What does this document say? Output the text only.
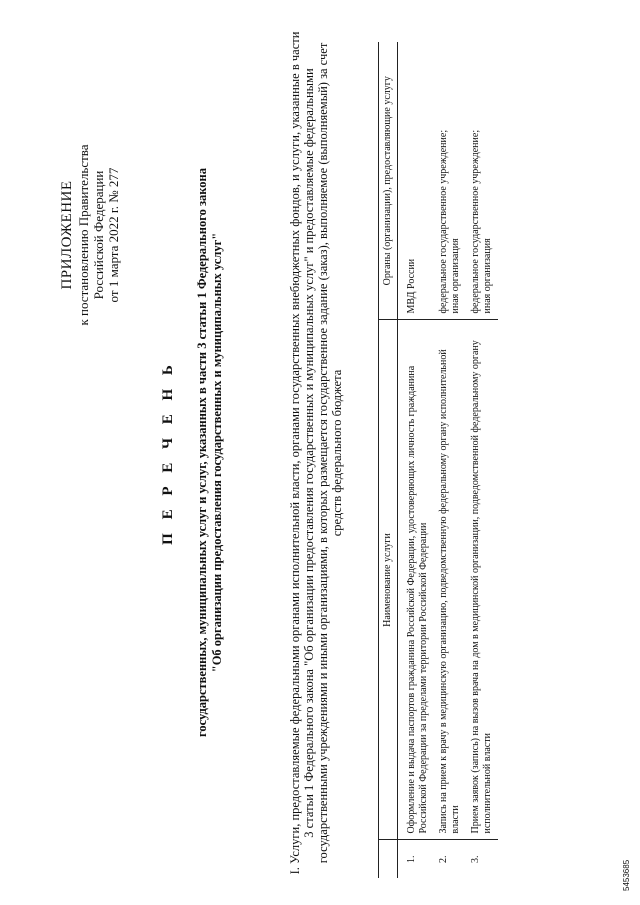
ПРИЛОЖЕНИЕ к постановлению Правительства Российской Федерации от 1 марта 2022 г. № 277
П Е Р Е Ч Е Н Ь государственных, муниципальных услуг и услуг, указанных в части 3 статьи 1 Федерального закона "Об организации предоставления государственных и муниципальных услуг"	I. Услуги, предоставляемые федеральными органами исполнительной власти, органами государственных внебюджетных фондов, и услуги, указанные в части 3 статьи 1 Федерального закона "Об организации предоставления государственных и муниципальных услуг" и предоставляемые федеральными государственными учреждениями и иными организациями, в которых размещается государственное задание (заказ), выполняемое (выполняемый) за счет средств федерального бюджета
	Наименование услуги	Органы (организации), предоставляющие услугу
1.	Оформление и выдача паспортов гражданина Российской Федерации, удостоверяющих личность гражданина Российской Федерации за пределами территории Российской Федерации	МВД России

2.	Запись на прием к врачу в медицинскую организацию, подведомственную федеральному органу исполнительной власти	федеральное государственное учреждение; иная организация

3.	Прием заявок (запись) на вызов врача на дом в медицинской организации, подведомственной федеральному органу исполнительной власти	федеральное государственное учреждение; иная организация
5453685
